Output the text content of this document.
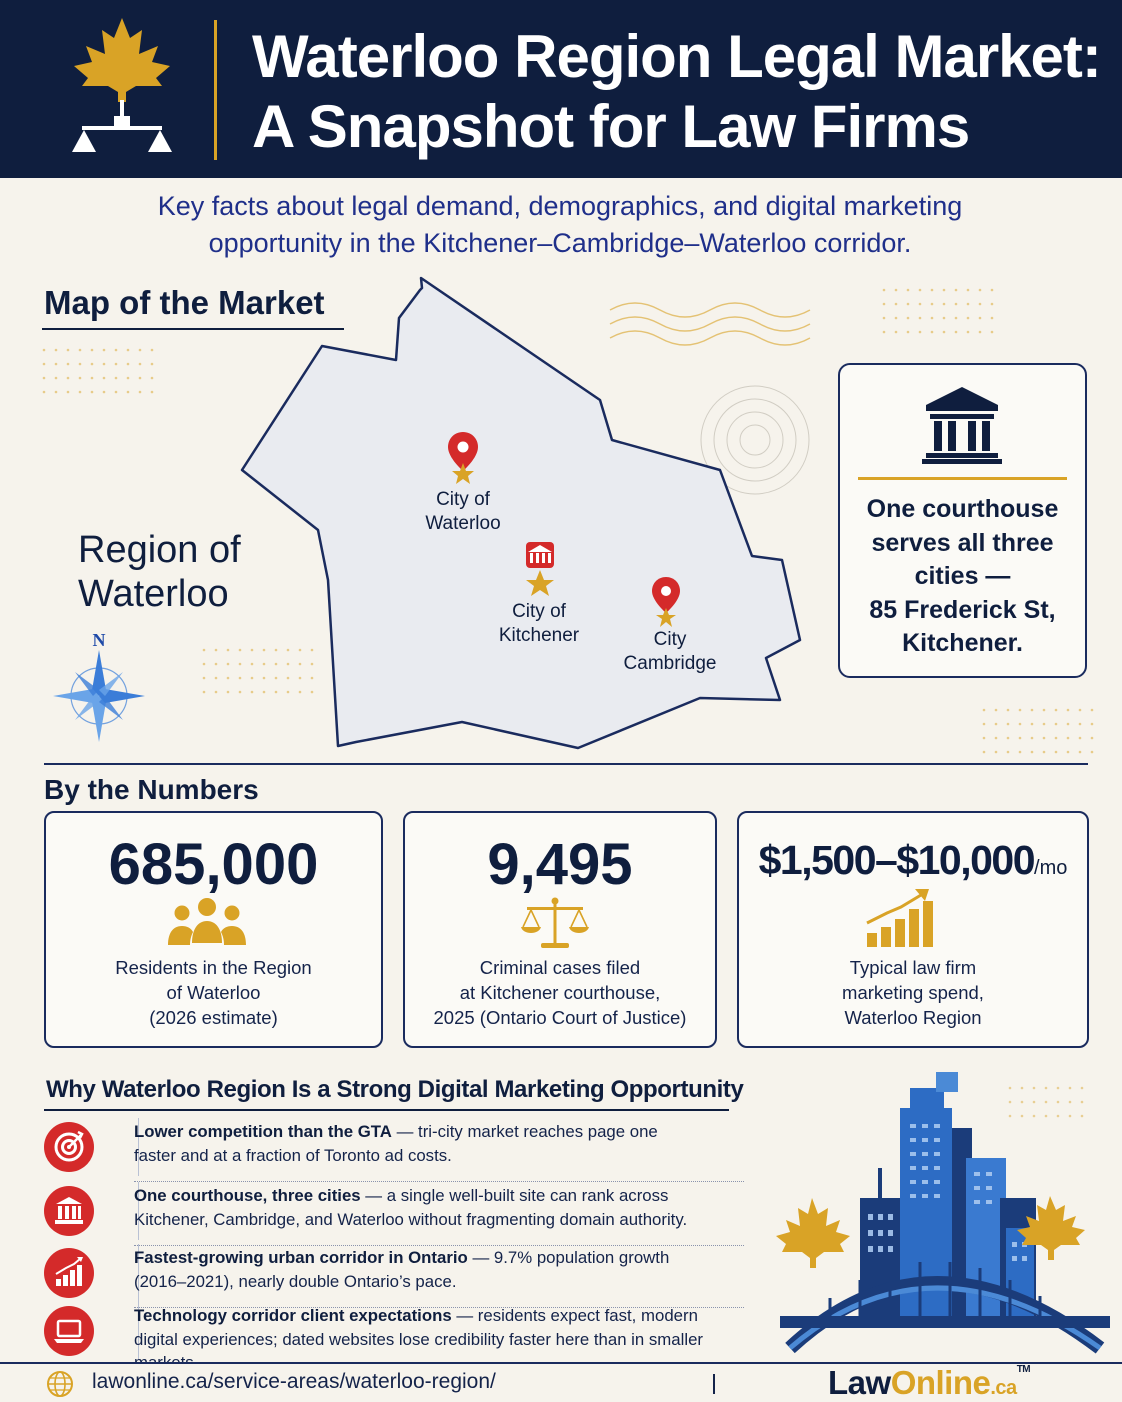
Waterloo Region Legal Market:
A Snapshot for Law Firms
Key facts about legal demand, demographics, and digital marketing
opportunity in the Kitchener–Cambridge–Waterloo corridor.
Map of the Market
N
City of
Waterloo
City of
Kitchener	City
Cambridge
Region of
Waterloo
One courthouse
serves all three
cities —
85 Frederick St,
Kitchener.
By the Numbers
685,000
Residents in the Region
of Waterloo
(2026 estimate)
9,495
Criminal cases filed
at Kitchener courthouse,
2025 (Ontario Court of Justice)
$1,500–$10,000/mo
Typical law firm
marketing spend,
Waterloo Region
Why Waterloo Region Is a Strong Digital Marketing Opportunity
Lower competition than the GTA — tri-city market reaches page one
faster and at a fraction of Toronto ad costs.
One courthouse, three cities — a single well-built site can rank across
Kitchener, Cambridge, and Waterloo without fragmenting domain authority.
Fastest-growing urban corridor in Ontario — 9.7% population growth
(2016–2021), nearly double Ontario’s pace.
Technology corridor client expectations — residents expect fast, modern
digital experiences; dated websites lose credibility faster here than in smaller
lawonline.ca/service-areas/waterloo-region/	LawOnline.ca™
